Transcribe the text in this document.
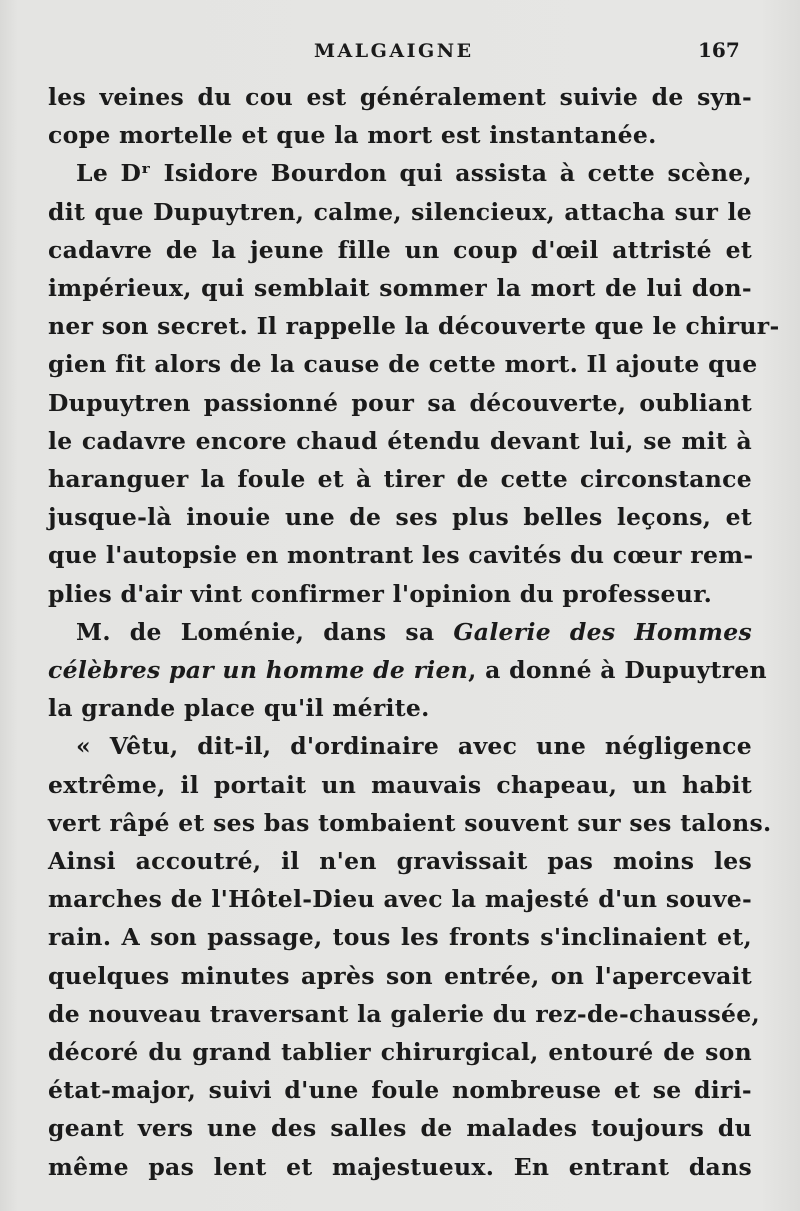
MALGAIGNE	167
les veines du cou est généralement suivie de syn-
cope mortelle et que la mort est instantanée.
Le Dʳ Isidore Bourdon qui assista à cette scène,
dit que Dupuytren, calme, silencieux, attacha sur le
cadavre de la jeune fille un coup d'œil attristé et
impérieux, qui semblait sommer la mort de lui don-
ner son secret. Il rappelle la découverte que le chirur-
gien fit alors de la cause de cette mort. Il ajoute que
Dupuytren passionné pour sa découverte, oubliant
le cadavre encore chaud étendu devant lui, se mit à
haranguer la foule et à tirer de cette circonstance
jusque-là inouie une de ses plus belles leçons, et
que l'autopsie en montrant les cavités du cœur rem-
plies d'air vint confirmer l'opinion du professeur.
M. de Loménie, dans sa Galerie des Hommes
célèbres par un homme de rien, a donné à Dupuytren
la grande place qu'il mérite.
« Vêtu, dit-il, d'ordinaire avec une négligence
extrême, il portait un mauvais chapeau, un habit
vert râpé et ses bas tombaient souvent sur ses talons.
Ainsi accoutré, il n'en gravissait pas moins les
marches de l'Hôtel-Dieu avec la majesté d'un souve-
rain. A son passage, tous les fronts s'inclinaient et,
quelques minutes après son entrée, on l'apercevait
de nouveau traversant la galerie du rez-de-chaussée,
décoré du grand tablier chirurgical, entouré de son
état-major, suivi d'une foule nombreuse et se diri-
geant vers une des salles de malades toujours du
même pas lent et majestueux. En entrant dans
